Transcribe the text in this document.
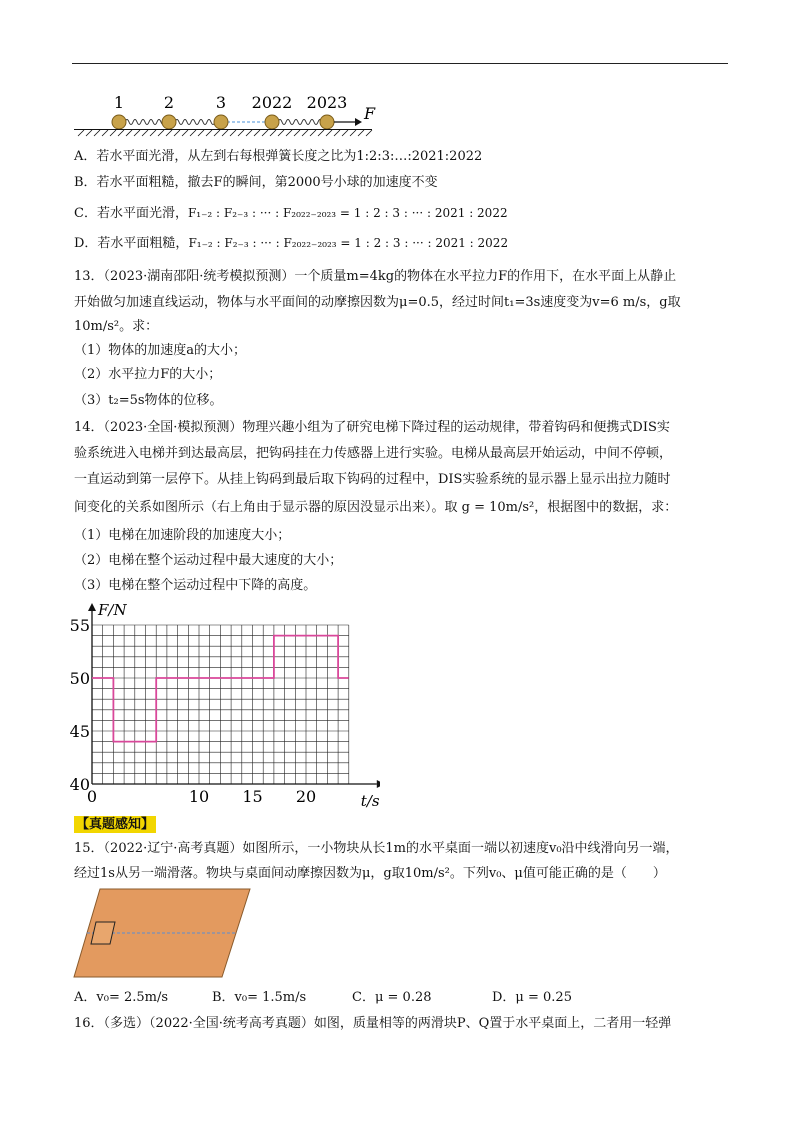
1 2	3 2022 2023
F
A．若水平面光滑，从左到右每根弹簧长度之比为1:2:3:…:2021:2022
B．若水平面粗糙，撤去F的瞬间，第2000号小球的加速度不变
C．若水平面光滑，F₁₋₂ : F₂₋₃ : ··· : F₂₀₂₂₋₂₀₂₃ = 1 : 2 : 3 : ··· : 2021 : 2022
D．若水平面粗糙，F₁₋₂ : F₂₋₃ : ··· : F₂₀₂₂₋₂₀₂₃ = 1 : 2 : 3 : ··· : 2021 : 2022
13．（2023·湖南邵阳·统考模拟预测）一个质量m=4kg的物体在水平拉力F的作用下，在水平面上从静止
开始做匀加速直线运动，物体与水平面间的动摩擦因数为μ=0.5，经过时间t₁=3s速度变为v=6 m/s，g取
10m/s²。求：
（1）物体的加速度a的大小；
（2）水平拉力F的大小；
（3）t₂=5s物体的位移。
14．（2023·全国·模拟预测）物理兴趣小组为了研究电梯下降过程的运动规律，带着钩码和便携式DIS实
验系统进入电梯并到达最高层，把钩码挂在力传感器上进行实验。电梯从最高层开始运动，中间不停顿，
一直运动到第一层停下。从挂上钩码到最后取下钩码的过程中，DIS实验系统的显示器上显示出拉力随时
间变化的关系如图所示（右上角由于显示器的原因没显示出来）。取 g = 10m/s²，根据图中的数据，求：
（1）电梯在加速阶段的加速度大小；
（2）电梯在整个运动过程中最大速度的大小；
（3）电梯在整个运动过程中下降的高度。
40
45
50
55
0	10 15 20	t/s
F/N
【真题感知】
15．（2022·辽宁·高考真题）如图所示，一小物块从长1m的水平桌面一端以初速度v₀沿中线滑向另一端，
经过1s从另一端滑落。物块与桌面间动摩擦因数为μ，g取10m/s²。下列v₀、μ值可能正确的是（　　）
A．v₀= 2.5m/s	B．v₀= 1.5m/s	C．μ = 0.28	D．μ = 0.25
16．（多选）（2022·全国·统考高考真题）如图，质量相等的两滑块P、Q置于水平桌面上，二者用一轻弹
